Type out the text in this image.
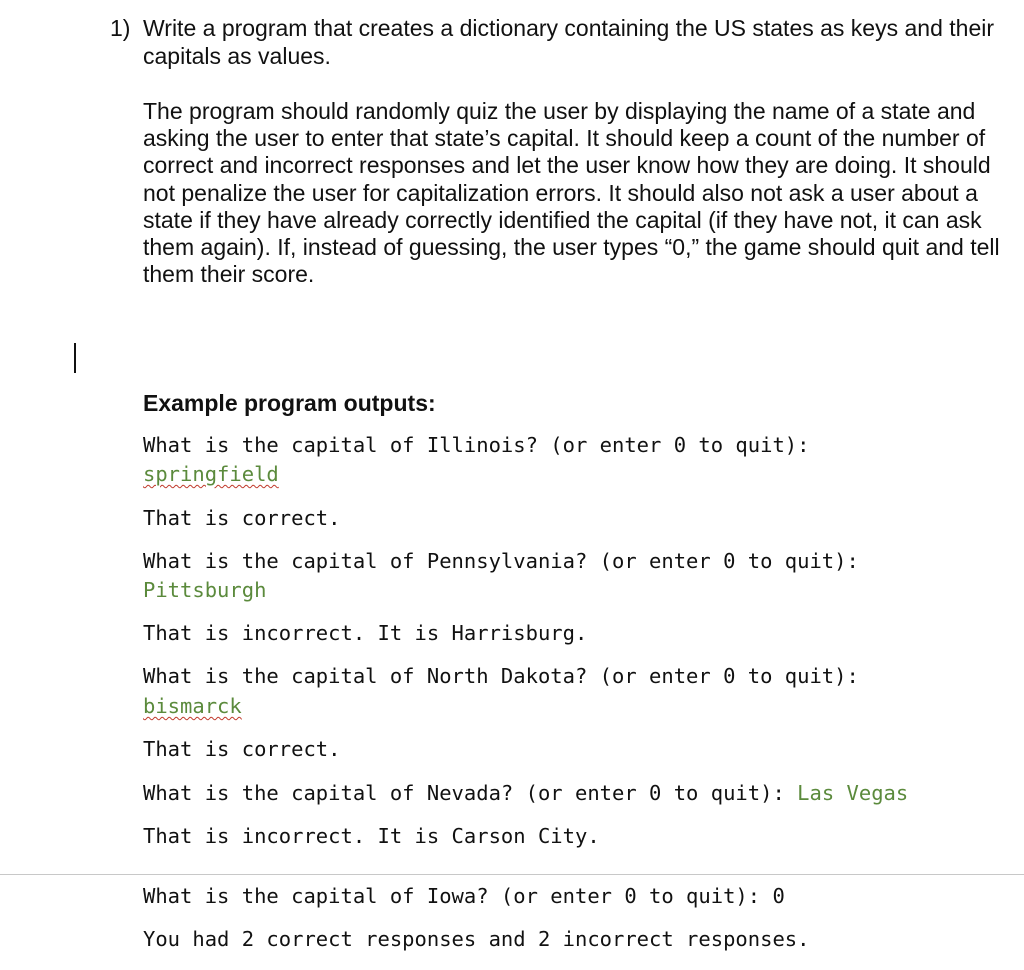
1) Write a program that creates a dictionary containing the US states as keys and their capitals as values.
The program should randomly quiz the user by displaying the name of a state and asking the user to enter that state’s capital. It should keep a count of the number of correct and incorrect responses and let the user know how they are doing. It should not penalize the user for capitalization errors. It should also not ask a user about a state if they have already correctly identified the capital (if they have not, it can ask them again). If, instead of guessing, the user types “0,” the game should quit and tell them their score.
Example program outputs:
What is the capital of Illinois? (or enter 0 to quit):
springfield
That is correct.
What is the capital of Pennsylvania? (or enter 0 to quit):
Pittsburgh
That is incorrect. It is Harrisburg.
What is the capital of North Dakota? (or enter 0 to quit):
bismarck
That is correct.
What is the capital of Nevada? (or enter 0 to quit): Las Vegas
That is incorrect. It is Carson City.
What is the capital of Iowa? (or enter 0 to quit): 0
You had 2 correct responses and 2 incorrect responses.
